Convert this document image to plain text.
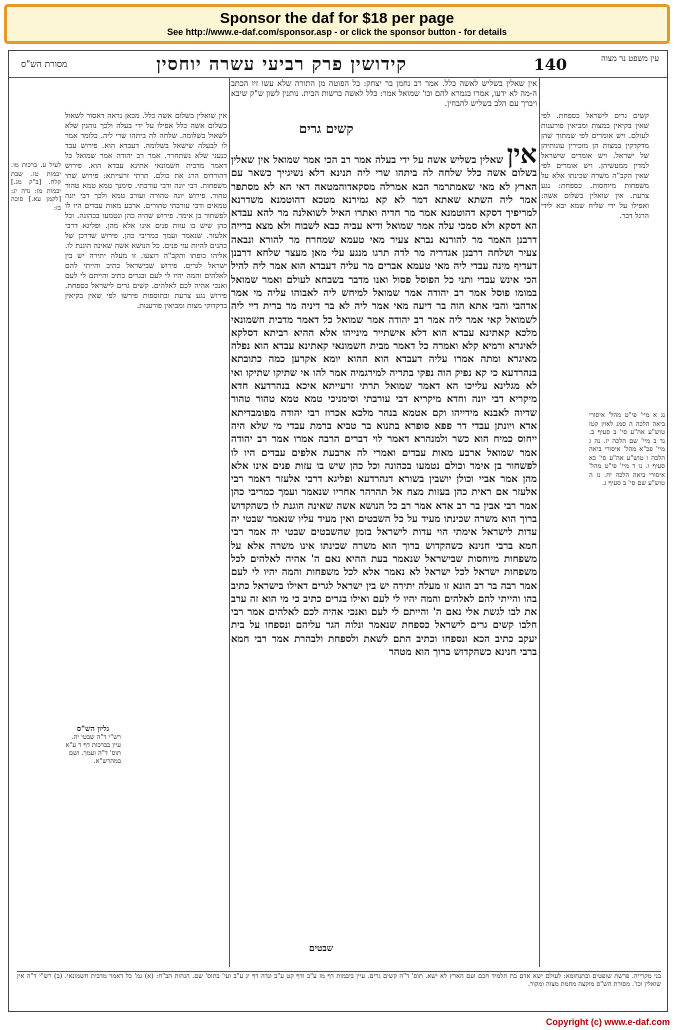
Sponsor the daf for $18 per page
See http://www.e-daf.com/sponsor.asp - or click the sponsor button - for details
עין משפט נר מצוה
140
קידושין פרק רביעי עשרה יוחסין
מסורת הש"ס
אין שאלין בשליש לאשה כלל. אמר רב נחמן בר יצחק: כל הפוטה מן התורה שלא עשו זיו הכתב ה-מה לא ידעו, אמרו בגמרא להם וכו' שמואל אמר: כלל לאשה ברשות הבית. נותנין לשון ש"ק שיבא ויברך עם הלב בשליש להבחין.
קשים גרים
אין שאלין בשליש אשה על ידי בעלה אמר רב הכי אמר שמואל אין שאלין בשלום אשה כלל שלחה לה ביתהו שרי ליה תנינא דלא נשיגייך כשאר עם הארץ לא מאי שאמתרמר הבא אמרלה מסקאדוהמטאה דאי הא לא מסתפר אמר ליה השתא שאתא דמר לא קא גמירנא מטכא דהוטמנא משדרנא למריפיך דסקא דהוטמנא אמר מר חדיה ואתרו האיל לשואלנה מר להא עבדא הא דסקא ולא סמכי עלה אמר שמואל ודיא עביה כבא לשבוח ולא מצא ברייה דרבנן האמר מר להורנא נברא צעיר מאי טעמא שמחרח מר להורא ונבאה צעיר ושלחה דרבנן אגדריה מר לדה תרגו מנגע עלי מאן מעצר שלחא דרבנן דעדיף מינה עבדי ליה מאי טעמא אברים מר עליה דעבדא הוא אמר ליה להיל הכי אינש עבדי ותני כל הפוסל פסול ואנו מדבר בשבחא לעולם ואמר שמואל במומו פוסל אמר רב יהודה אמר שמואל למיחש ליה לאבוהו עליה מי אמר אדהבי והבי אתא הוה בר דיעה מאי אמר ליה לא בר דיניה מר ברית דיי ליה לשמואל קאי אמר ליה אמר רב יהודה אמר שמואל כל דאמר מדבית חשמונאי מלכא קאתינא עבדא הוא דלא אישתייר מינייהו אלא ההיא רביתא דסלקא לאיגרא ורמיא קלא ואמרה כל דאמר מבית חשמונאי קאתינא עבדא הוא נפלה מאיגרא ומתה אמרו עליה דעבדא הוא ההוא יומא אקרען כמה כתובתא בנהרדעא כי קא נפיק הוה נפקי בתריה למירגמיה אמר להו אי שתיקו שתיקו ואי לא מגלינא עלייכו הא דאמר שמואל תרתי זרעייתא איכא בנהרדעא חדא מיקריא דבי יונה וחדא מיקריא דבי עורבתי וסימניכי טמא טמא טהור טהור שדיוה לאבנא מידייהו וקם אטמא בנהר מלכא אכרוז רבי יהודה מפומבדיתא אדא ויונתן עבדי דר פפא סופרא בתנוא בר טביא ברמת עבדי מי שלא היה ייחוס כמיח הוא כשר ולמנהרא דאמר לוי דברים הרבה אמרו אמר רב יהודה אמר שמואל ארבע מאות עבדים ואמרי לה ארבעת אלפים עבדים היו לו לפשחור בן אימר וכולם נטמעו בכהונה וכל כהן שיש בו עזות פנים אינו אלא מהן אמר אביי וכולן יושבין בשורא דנהרדעא ופליגא דרבי אלעזר דאמר רבי אלעזר אם ראית כהן בעזות מצח אל תהרהר אחריו שנאמר ועמך כמריבי כהן אמר רבי אבין בר רב אדא אמר רב כל הנושא אשה שאינה הוגנת לו כשהקדוש ברוך הוא משרה שכינתו מעיד על כל השבטים ואין מעיד עליו שנאמר שבטי יה עדות לישראל אימתי הוי עדות לישראל בזמן שהשבטים שבטי יה אמר רבי חמא ברבי חנינא כשהקדוש ברוך הוא משרה שכינתו אינו משרה אלא על משפחות מיוחסות שבישראל שנאמר בעת ההיא נאם ה' אהיה לאלהים לכל משפחות ישראל לכל ישראל לא נאמר אלא לכל משפחות והמה יהיו לי לעם אמר רבה בר רב הונא זו מעלה יתירה יש בין ישראל לגרים דאילו בישראל כתיב בהו והייתי להם לאלהים והמה יהיו לי לעם ואילו בגרים כתיב כי מי הוא זה ערב את לבו לגשת אלי נאם ה' והייתם לי לעם ואנכי אהיה לכם לאלהים אמר רבי חלבו קשים גרים לישראל כספחת שנאמר ונלוה הגר עליהם ונספחו על בית יעקב כתיב הכא ונספחו וכתיב התם לשאת ולספחת ולבהרת אמר רבי חמא ברבי חנינא כשהקדוש ברוך הוא מטהר
קשים גרים לישראל כספחת. לפי שאין בקיאין במצות ומביאין פורענות לעולם. ויש אומרים לפי שמתוך שהן מדקדקין במצות הן מזכירין עונותיהן של ישראל. ויש אומרים שישראל למדין ממעשיהן. ויש אומרים לפי שאין הקב"ה משרה שכינתו אלא על משפחות מיוחסות. כספחת: נגע צרעת. אין שואלין בשלום אשה: ואפילו על ידי שליח שמא יבא לידי הרגל דבר.
אין שואלין בשלום אשה כלל. מכאן נראה דאסור לשאול בשלום אשה כלל אפילו על ידי בעלה ולכך נוהגין שלא לשאול בשלומה. שלחה לה ביתהו שרי ליה. כלומר אמר לו לבעלה שישאל בשלומה. דעבדא הוא. פירוש עבד כנעני שלא נשתחרר. אמר רב יהודה אמר שמואל כל דאמר מדבית חשמונאי אתינא עבדא הוא. פירוש דהורדוס הרג את כולם. תרתי זרעייתא: פירוש שתי משפחות. דבי יונה ודבי עורבתי. סימנך טמא טמא טהור טהור. פירוש יונה טהורה ועורב טמא ולכך דבי יונה טמאים ודבי עורבתי טהורים. ארבע מאות עבדים היו לו לפשחור בן אימר. פירוש שהיה כהן ונטמעו בכהונה. וכל כהן שיש בו עזות פנים אינו אלא מהן. ופליגא דרבי אלעזר. שנאמר ועמך כמריבי כהן. פירוש שדרכן של כהנים להיות עזי פנים. כל הנושא אשה שאינה הוגנת לו. אליהו כופתו והקב"ה רוצעו. זו מעלה יתירה יש בין ישראל לגרים. פירוש שבישראל כתיב והייתי להם לאלהים והמה יהיו לי לעם ובגרים כתיב והייתם לי לעם ואנכי אהיה לכם לאלהים. קשים גרים לישראל כספחת. פירוש נגע צרעת ובתוספות פירשו לפי שאין בקיאין בדקדוקי מצות ומביאין פורענות.
נג א מיי' פי"ט מהל' איסורי ביאה הלכה ה סמג לאוין קטז טוש"ע אה"ע סי' ב סעיף ב. נד ב מיי' שם הלכה יז. נה ג מיי' פכ"א מהל' איסורי ביאה הלכה ו טוש"ע אה"ע סי' כא סעיף ו. נו ד מיי' פי"ט מהל' איסורי ביאה הלכה יח. נז ה טוש"ע שם סי' ב סעיף ג.
לעיל ע. ברכות מו. יבמות טז. שבת קלח. [ב"ק מג.] יבמות מז: נדה יג: [לקמן עא.] סוכה כז:
גליון הש"ס
רש"י ד"ה שבטי יה. עיין בברכות דף ד ע"א תוס' ד"ה ועמך. ושם במהרש"א.
שבטים
בני מקרייה. פרשת שופטים ובתנחומא: לעולם ישא אדם בת תלמיד חכם ועם הארץ לא ישא. תוס' ד"ה קשים גרים. עיין ביבמות דף מז ע"ב ודף קט ע"ב ונדה דף יג ע"ב ועי' בתוס' שם. הגהות הב"ח: (א) גמ' כל דאמר מדבית חשמונאי. (ב) רש"י ד"ה אין שואלין וכו'. מסורת הש"ס מוקצה מחמת מצוה ומקור.
Copyright (c) www.e-daf.com
